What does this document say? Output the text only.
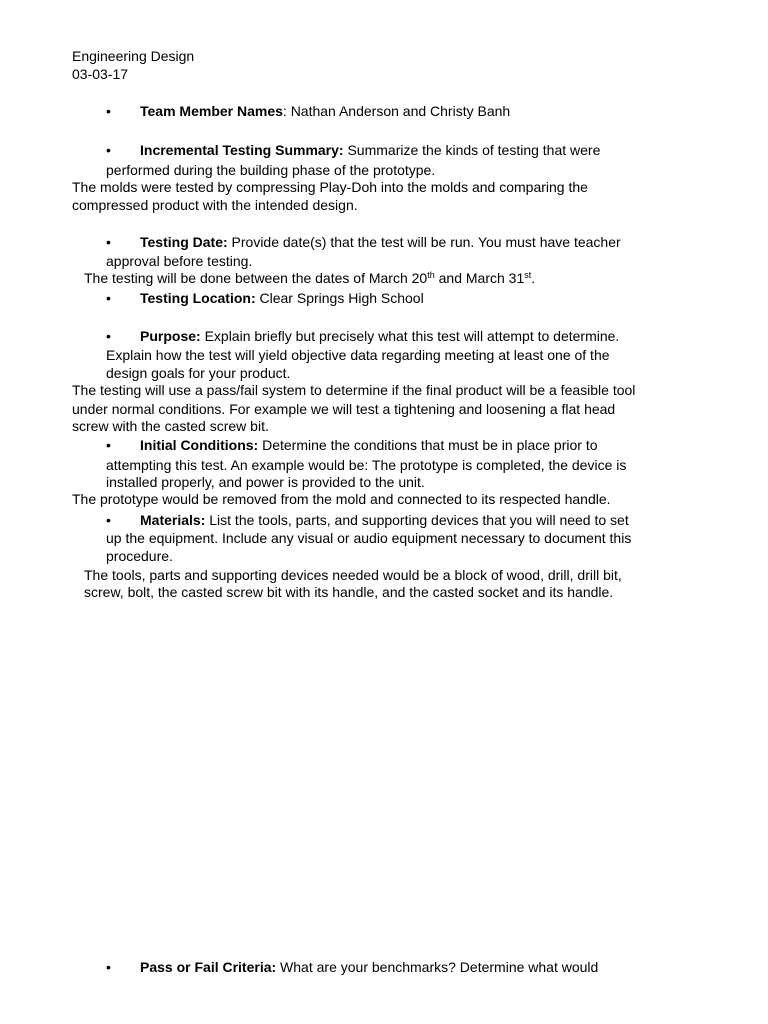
Engineering Design

03-03-17

•	Team Member Names: Nathan Anderson and Christy Banh

•	Incremental Testing Summary: Summarize the kinds of testing that were

performed during the building phase of the prototype.

The molds were tested by compressing Play-Doh into the molds and comparing the

compressed product with the intended design.

•	Testing Date: Provide date(s) that the test will be run. You must have teacher

approval before testing.

The testing will be done between the dates of March 20th and March 31st.

•	Testing Location: Clear Springs High School

•	Purpose: Explain briefly but precisely what this test will attempt to determine.

Explain how the test will yield objective data regarding meeting at least one of the

design goals for your product.

The testing will use a pass/fail system to determine if the final product will be a feasible tool

under normal conditions. For example we will test a tightening and loosening a flat head

screw with the casted screw bit.

•	Initial Conditions: Determine the conditions that must be in place prior to

attempting this test. An example would be: The prototype is completed, the device is

installed properly, and power is provided to the unit.

The prototype would be removed from the mold and connected to its respected handle.

•	Materials: List the tools, parts, and supporting devices that you will need to set

up the equipment. Include any visual or audio equipment necessary to document this

procedure.

The tools, parts and supporting devices needed would be a block of wood, drill, drill bit,

screw, bolt, the casted screw bit with its handle, and the casted socket and its handle.

•	Pass or Fail Criteria: What are your benchmarks? Determine what would
